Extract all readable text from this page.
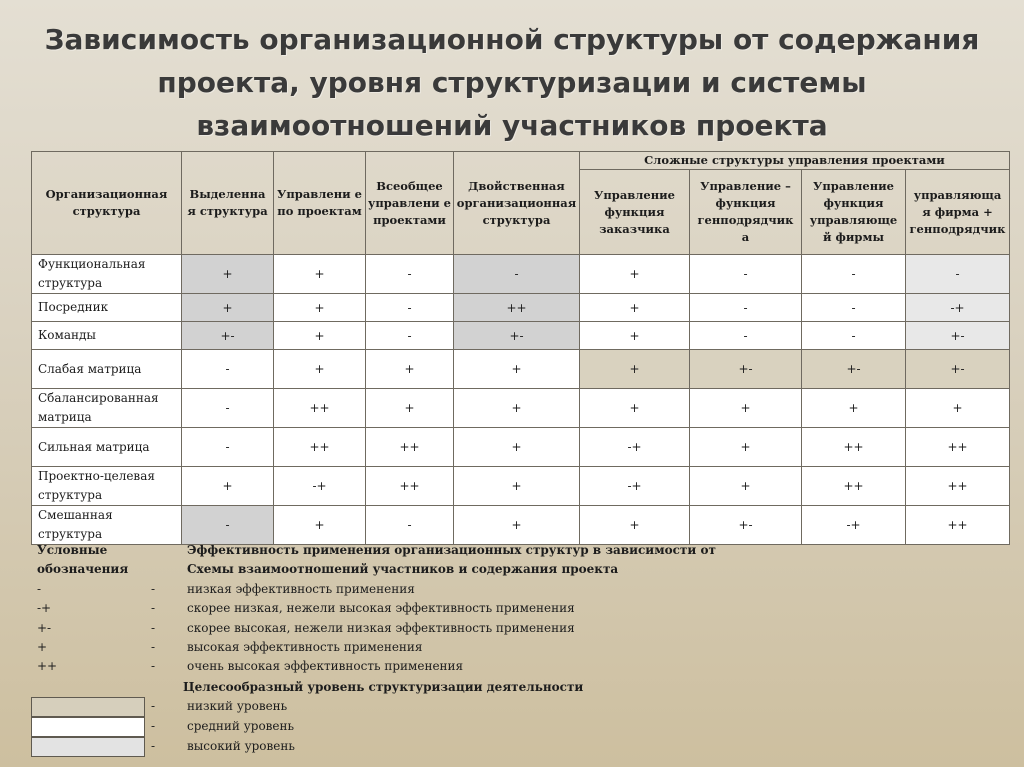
Зависимость организационной структуры от содержания
проекта, уровня структуризации и системы
взаимоотношений участников проекта
Организационная структура	Выделенна я структура	Управлени е по проектам	Всеобщее управлени е проектами	Двойственная организационная структура	Сложные структуры управления проектами			
					Управление функция заказчика	Управление – функция генподрядчик а	Управление функция управляюще й фирмы	управляюща я фирма + генподрядчик
Функциональная структура	+	+	-	-	+	-	-	-
Посредник	+	+	-	++	+	-	-	-+
Команды	+-	+	-	+-	+	-	-	+-
Слабая матрица	-	+	+	+	+	+-	+-	+-
Сбалансированная матрица	-	++	+	+	+	+	+	+
Сильная матрица	-	++	++	+	-+	+	++	++
Проектно-целевая структура	+	-+	++	+	-+	+	++	++
Смешанная структура	-	+	-	+	+	+-	-+	++
Условные
обозначения
Эффективность применения организационных структур в зависимости от
Схемы взаимоотношений участников и содержания проекта
-	-	низкая эффективность применения
-+	-	скорее низкая, нежели высокая эффективность применения
+-	-	скорее высокая, нежели низкая эффективность применения
+	-	высокая эффективность применения
++	-	очень высокая эффективность применения
Целесообразный уровень структуризации деятельности
-	низкий уровень
-	средний уровень
-	высокий уровень
